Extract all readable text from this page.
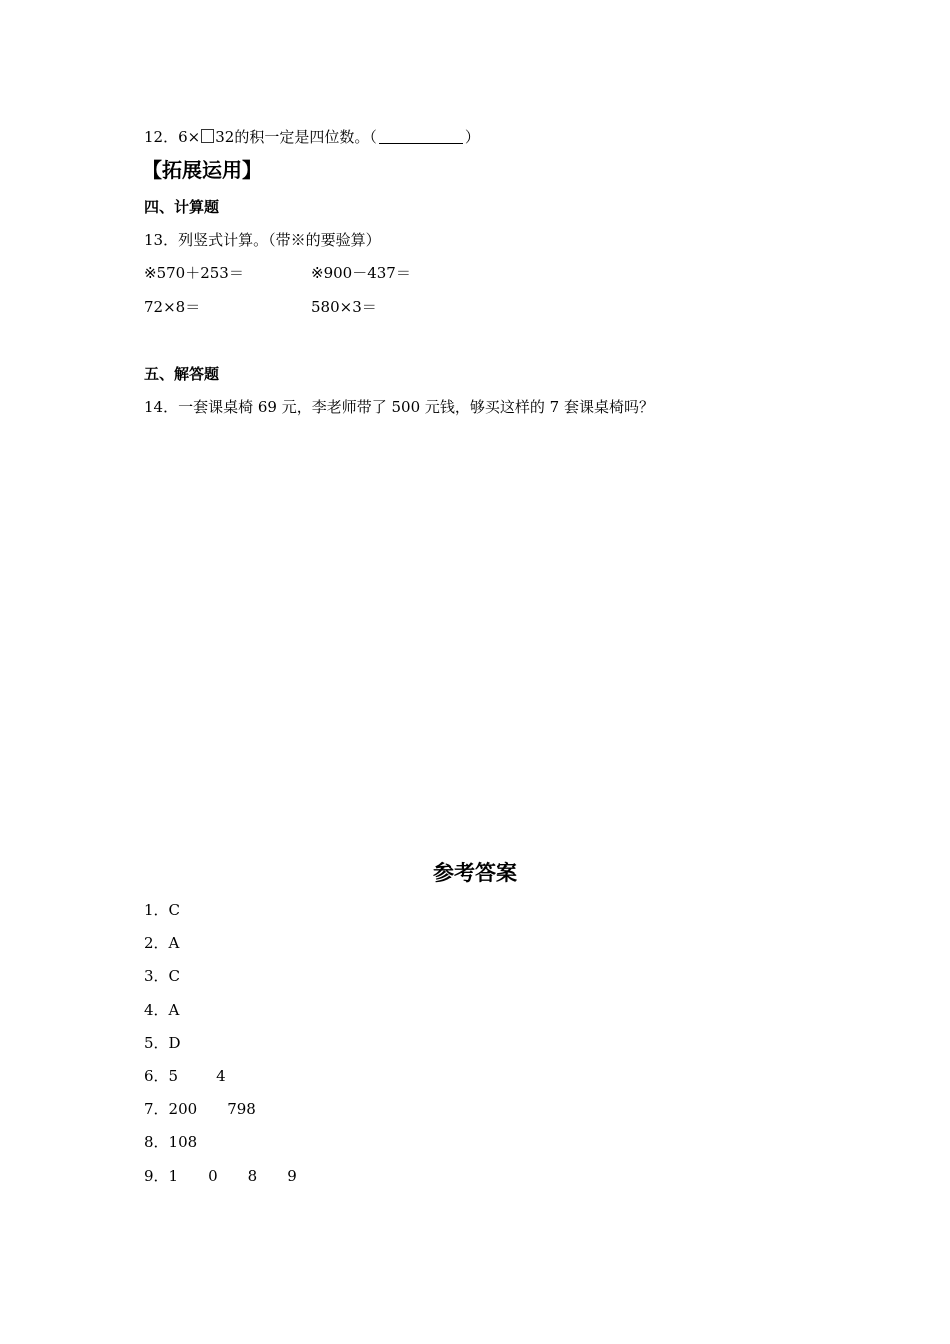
12．6× 32的积一定是四位数。（	）
【拓展运用】
四、计算题
13．列竖式计算。（带※的要验算）
※570＋253＝	※900－437＝
72×8＝	580×3＝
五、解答题
14．一套课桌椅 69 元，李老师带了 500 元钱，够买这样的 7 套课桌椅吗？
参考答案
1．C
2．A
3．C
4．A
5．D
6．5	4
7．200 798
8．108
9．1 0 8 9
